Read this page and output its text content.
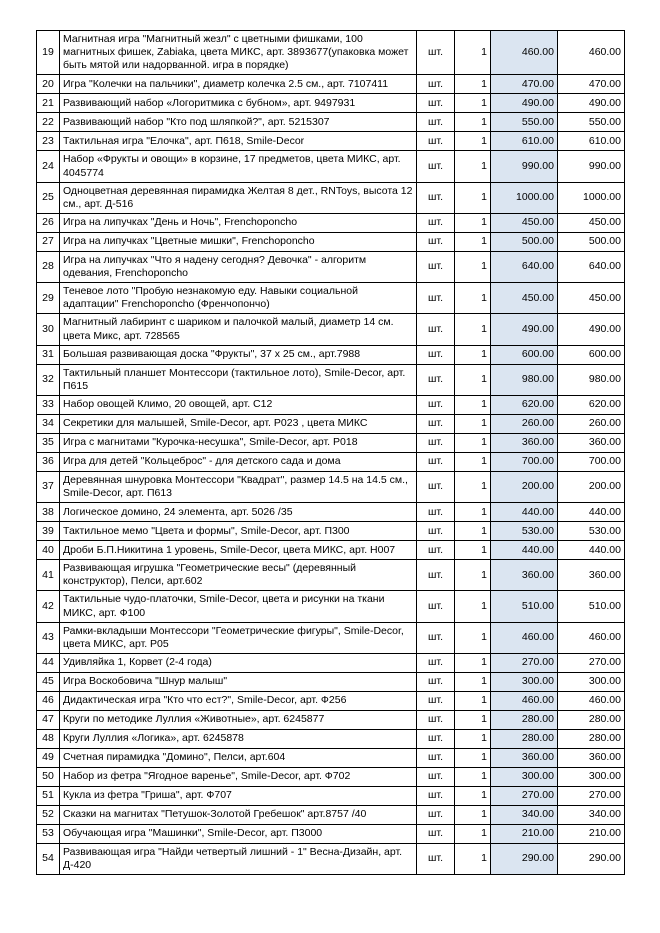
19	Магнитная игра "Магнитный жезл" с цветными фишками, 100 магнитных фишек, Zabiaka, цвета МИКС, арт. 3893677(упаковка может быть мятой или надорванной. игра в порядке)	шт.	1	460.00	460.00
20	Игра "Колечки на пальчики", диаметр колечка 2.5 см., арт. 7107411	шт.	1	470.00	470.00
21	Развивающий набор «Логоритмика с бубном», арт. 9497931	шт.	1	490.00	490.00
22	Развивающий набор "Кто под шляпкой?", арт. 5215307	шт.	1	550.00	550.00
23	Тактильная игра "Елочка", арт. П618, Smile-Decor	шт.	1	610.00	610.00
24	Набор «Фрукты и овощи» в корзине, 17 предметов, цвета МИКС, арт. 4045774	шт.	1	990.00	990.00
25	Одноцветная деревянная пирамидка Желтая 8 дет., RNToys, высота 12 см., арт. Д-516	шт.	1	1000.00	1000.00
26	Игра на липучках "День и Ночь", Frenchoponcho	шт.	1	450.00	450.00
27	Игра на липучках "Цветные мишки", Frenchoponcho	шт.	1	500.00	500.00
28	Игра на липучках "Что я надену сегодня? Девочка" - алгоритм одевания, Frenchoponcho	шт.	1	640.00	640.00
29	Теневое лото "Пробую незнакомую еду. Навыки социальной адаптации" Frenchoponcho (Френчопончо)	шт.	1	450.00	450.00
30	Магнитный лабиринт с шариком и палочкой малый, диаметр 14 см. цвета Микс, арт. 728565	шт.	1	490.00	490.00
31	Большая развивающая доска "Фрукты", 37 х 25 см., арт.7988	шт.	1	600.00	600.00
32	Тактильный планшет Монтессори (тактильное лото), Smile-Decor, арт. П615	шт.	1	980.00	980.00
33	Набор овощей Климо, 20 овощей, арт. С12	шт.	1	620.00	620.00
34	Секретики для малышей, Smile-Decor, арт. Р023 , цвета МИКС	шт.	1	260.00	260.00
35	Игра с магнитами "Курочка-несушка", Smile-Decor, арт. Р018	шт.	1	360.00	360.00
36	Игра для детей "Кольцеброс" - для детского сада и дома	шт.	1	700.00	700.00
37	Деревянная шнуровка Монтессори "Квадрат", размер 14.5 на 14.5 см., Smile-Decor, арт. П613	шт.	1	200.00	200.00
38	Логическое домино, 24 элемента, арт. 5026 /35	шт.	1	440.00	440.00
39	Тактильное мемо "Цвета и формы", Smile-Decor, арт. П300	шт.	1	530.00	530.00
40	Дроби Б.П.Никитина 1 уровень, Smile-Decor, цвета МИКС, арт. Н007	шт.	1	440.00	440.00
41	Развивающая игрушка "Геометрические весы" (деревянный конструктор), Пелси, арт.602	шт.	1	360.00	360.00
42	Тактильные чудо-платочки, Smile-Decor, цвета и рисунки на ткани МИКС, арт. Ф100	шт.	1	510.00	510.00
43	Рамки-вкладыши Монтессори "Геометрические фигуры", Smile-Decor, цвета МИКС, арт. Р05	шт.	1	460.00	460.00
44	Удивляйка 1, Корвет (2-4 года)	шт.	1	270.00	270.00
45	Игра Воскобовича "Шнур малыш"	шт.	1	300.00	300.00
46	Дидактическая игра "Кто что ест?", Smile-Decor, арт. Ф256	шт.	1	460.00	460.00
47	Круги по методике Луллия «Животные», арт. 6245877	шт.	1	280.00	280.00
48	Круги Луллия «Логика», арт. 6245878	шт.	1	280.00	280.00
49	Счетная пирамидка "Домино", Пелси, арт.604	шт.	1	360.00	360.00
50	Набор из фетра "Ягодное варенье", Smile-Decor, арт. Ф702	шт.	1	300.00	300.00
51	Кукла из фетра "Гриша", арт. Ф707	шт.	1	270.00	270.00
52	Сказки на магнитах "Петушок-Золотой Гребешок" арт.8757 /40	шт.	1	340.00	340.00
53	Обучающая игра "Машинки", Smile-Decor, арт. П3000	шт.	1	210.00	210.00
54	Развивающая игра "Найди четвертый лишний - 1" Весна-Дизайн, арт. Д-420	шт.	1	290.00	290.00
